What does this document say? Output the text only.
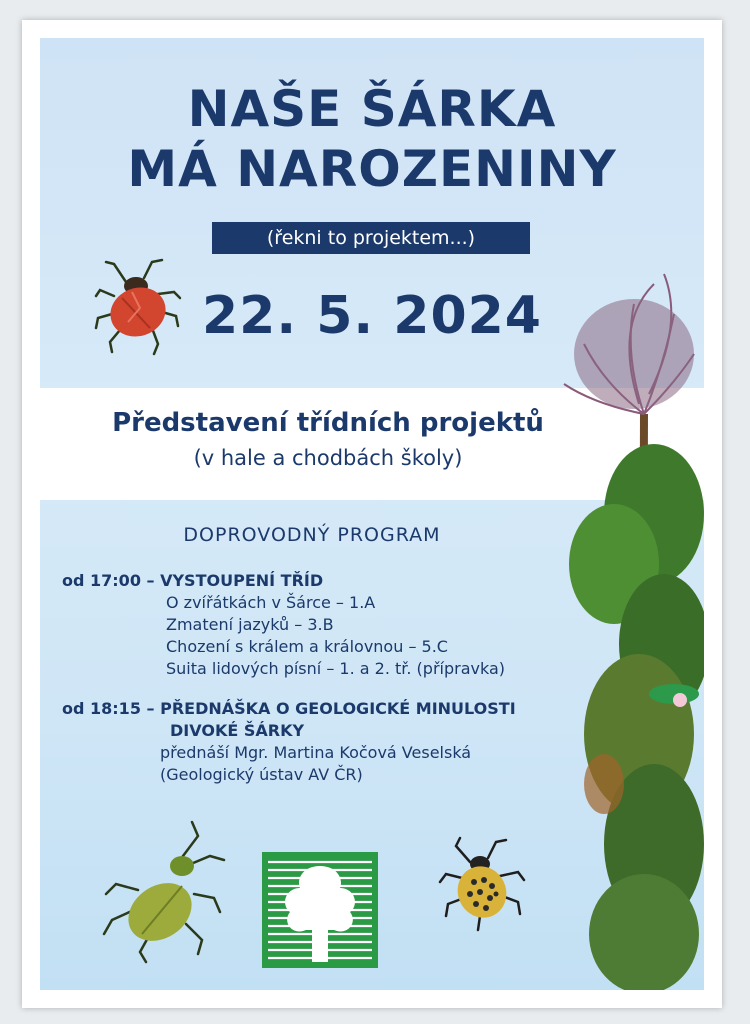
NAŠE ŠÁRKA
MÁ NAROZENINY
(řekni to projektem...)
22. 5. 2024
Představení třídních projektů
(v hale a chodbách školy)
DOPROVODNÝ PROGRAM
od 17:00 – VYSTOUPENÍ TŘÍD
O zvířátkách v Šárce – 1.A
Zmatení jazyků – 3.B
Chození s králem a královnou – 5.C
Suita lidových písní – 1. a 2. tř. (přípravka)
od 18:15 – PŘEDNÁŠKA O GEOLOGICKÉ MINULOSTI
DIVOKÉ ŠÁRKY
přednáší Mgr. Martina Kočová Veselská
(Geologický ústav AV ČR)
